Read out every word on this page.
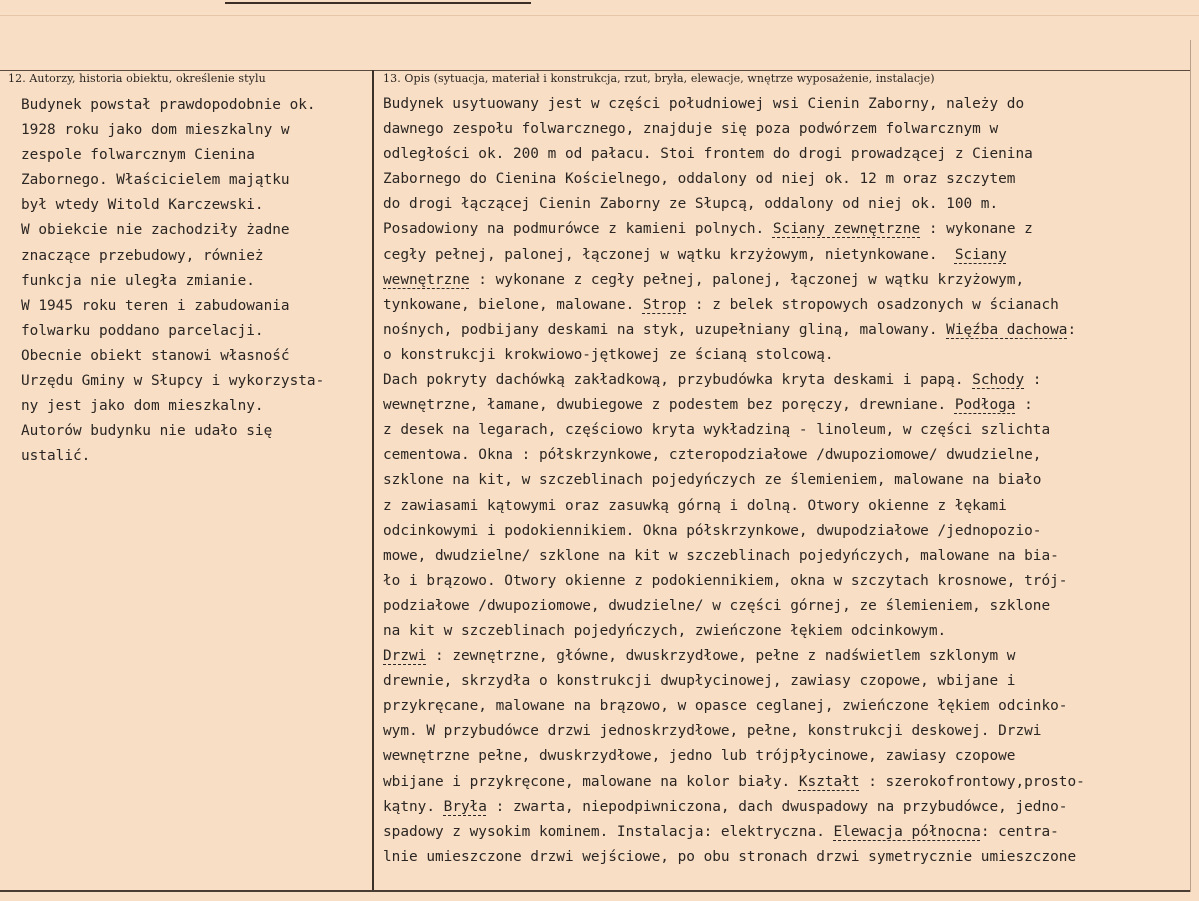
12. Autorzy, historia obiektu, określenie stylu	13. Opis (sytuacja, materiał i konstrukcja, rzut, bryła, elewacje, wnętrze wyposażenie, instalacje)
Budynek powstał prawdopodobnie ok.
1928 roku jako dom mieszkalny w
zespole folwarcznym Cienina
Zabornego. Właścicielem majątku
był wtedy Witold Karczewski.
W obiekcie nie zachodziły żadne
znaczące przebudowy, również
funkcja nie uległa zmianie.
W 1945 roku teren i zabudowania
folwarku poddano parcelacji.
Obecnie obiekt stanowi własność
Urzędu Gminy w Słupcy i wykorzysta-
ny jest jako dom mieszkalny.
Autorów budynku nie udało się
ustalić.
Budynek usytuowany jest w części południowej wsi Cienin Zaborny, należy do
dawnego zespołu folwarcznego, znajduje się poza podwórzem folwarcznym w
odległości ok. 200 m od pałacu. Stoi frontem do drogi prowadzącej z Cienina
Zabornego do Cienina Kościelnego, oddalony od niej ok. 12 m oraz szczytem
do drogi łączącej Cienin Zaborny ze Słupcą, oddalony od niej ok. 100 m.
Posadowiony na podmurówce z kamieni polnych. Sciany zewnętrzne : wykonane z
cegły pełnej, palonej, łączonej w wątku krzyżowym, nietynkowane.  Sciany
wewnętrzne : wykonane z cegły pełnej, palonej, łączonej w wątku krzyżowym,
tynkowane, bielone, malowane. Strop : z belek stropowych osadzonych w ścianach
nośnych, podbijany deskami na styk, uzupełniany gliną, malowany. Więźba dachowa:
o konstrukcji krokwiowo-jętkowej ze ścianą stolcową.
Dach pokryty dachówką zakładkową, przybudówka kryta deskami i papą. Schody :
wewnętrzne, łamane, dwubiegowe z podestem bez poręczy, drewniane. Podłoga :
z desek na legarach, częściowo kryta wykładziną - linoleum, w części szlichta
cementowa. Okna : półskrzynkowe, czteropodziałowe /dwupoziomowe/ dwudzielne,
szklone na kit, w szczeblinach pojedyńczych ze ślemieniem, malowane na biało
z zawiasami kątowymi oraz zasuwką górną i dolną. Otwory okienne z łękami
odcinkowymi i podokiennikiem. Okna półskrzynkowe, dwupodziałowe /jednopozio-
mowe, dwudzielne/ szklone na kit w szczeblinach pojedyńczych, malowane na bia-
ło i brązowo. Otwory okienne z podokiennikiem, okna w szczytach krosnowe, trój-
podziałowe /dwupoziomowe, dwudzielne/ w części górnej, ze ślemieniem, szklone
na kit w szczeblinach pojedyńczych, zwieńczone łękiem odcinkowym.
Drzwi : zewnętrzne, główne, dwuskrzydłowe, pełne z nadświetlem szklonym w
drewnie, skrzydła o konstrukcji dwupłycinowej, zawiasy czopowe, wbijane i
przykręcane, malowane na brązowo, w opasce ceglanej, zwieńczone łękiem odcinko-
wym. W przybudówce drzwi jednoskrzydłowe, pełne, konstrukcji deskowej. Drzwi
wewnętrzne pełne, dwuskrzydłowe, jedno lub trójpłycinowe, zawiasy czopowe
wbijane i przykręcone, malowane na kolor biały. Kształt : szerokofrontowy,prosto-
kątny. Bryła : zwarta, niepodpiwniczona, dach dwuspadowy na przybudówce, jedno-
spadowy z wysokim kominem. Instalacja: elektryczna. Elewacja północna: centra-
lnie umieszczone drzwi wejściowe, po obu stronach drzwi symetrycznie umieszczone
